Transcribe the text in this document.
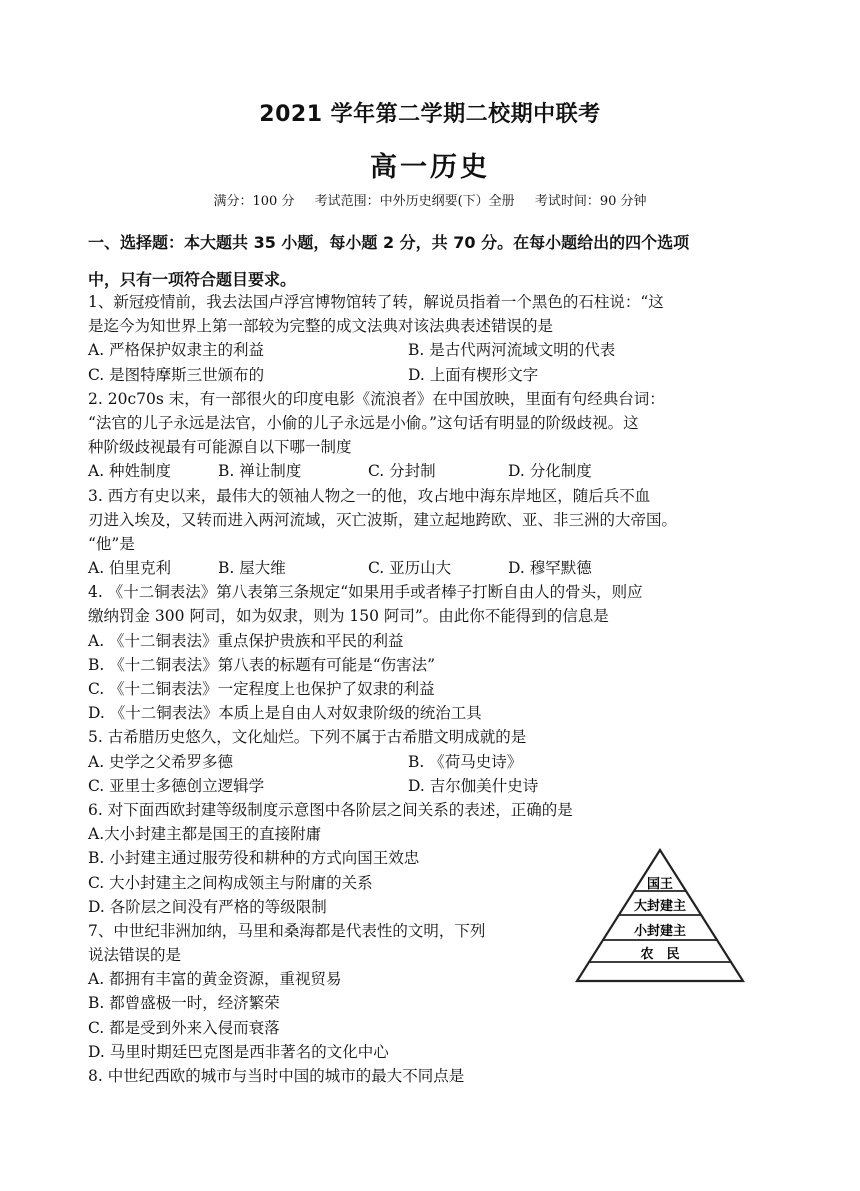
2021 学年第二学期二校期中联考
高一历史
满分：100 分 考试范围：中外历史纲要(下）全册 考试时间：90 分钟
一、选择题：本大题共 35 小题，每小题 2 分，共 70 分。在每小题给出的四个选项
中，只有一项符合题目要求。
1、新冠疫情前，我去法国卢浮宫博物馆转了转，解说员指着一个黑色的石柱说：“这
是迄今为知世界上第一部较为完整的成文法典对该法典表述错误的是
A. 严格保护奴隶主的利益	B. 是古代两河流域文明的代表
C. 是图特摩斯三世颁布的	D. 上面有楔形文字
2. 20c70s 末，有一部很火的印度电影《流浪者》在中国放映，里面有句经典台词：
“法官的儿子永远是法官，小偷的儿子永远是小偷。”这句话有明显的阶级歧视。这
种阶级歧视最有可能源自以下哪一制度
A. 种姓制度	B. 禅让制度	C. 分封制	D. 分化制度
3. 西方有史以来，最伟大的领袖人物之一的他，攻占地中海东岸地区，随后兵不血
刃进入埃及，又转而进入两河流域，灭亡波斯，建立起地跨欧、亚、非三洲的大帝国。
“他”是
A. 伯里克利	B. 屋大维	C. 亚历山大	D. 穆罕默德
4. 《十二铜表法》第八表第三条规定“如果用手或者棒子打断自由人的骨头，则应
缴纳罚金 300 阿司，如为奴隶，则为 150 阿司”。由此你不能得到的信息是
A. 《十二铜表法》重点保护贵族和平民的利益
B. 《十二铜表法》第八表的标题有可能是“伤害法”
C. 《十二铜表法》一定程度上也保护了奴隶的利益
D. 《十二铜表法》本质上是自由人对奴隶阶级的统治工具
5. 古希腊历史悠久，文化灿烂。下列不属于古希腊文明成就的是
A. 史学之父希罗多德	B. 《荷马史诗》
C. 亚里士多德创立逻辑学	D. 吉尔伽美什史诗
6. 对下面西欧封建等级制度示意图中各阶层之间关系的表述，正确的是
A.大小封建主都是国王的直接附庸
B. 小封建主通过服劳役和耕种的方式向国王效忠
C. 大小封建主之间构成领主与附庸的关系
D. 各阶层之间没有严格的等级限制
7、中世纪非洲加纳，马里和桑海都是代表性的文明，下列
说法错误的是
A. 都拥有丰富的黄金资源，重视贸易
B. 都曾盛极一时，经济繁荣
C. 都是受到外来入侵而衰落
D. 马里时期廷巴克图是西非著名的文化中心
8. 中世纪西欧的城市与当时中国的城市的最大不同点是
国王
大封建主
小封建主
农　民
